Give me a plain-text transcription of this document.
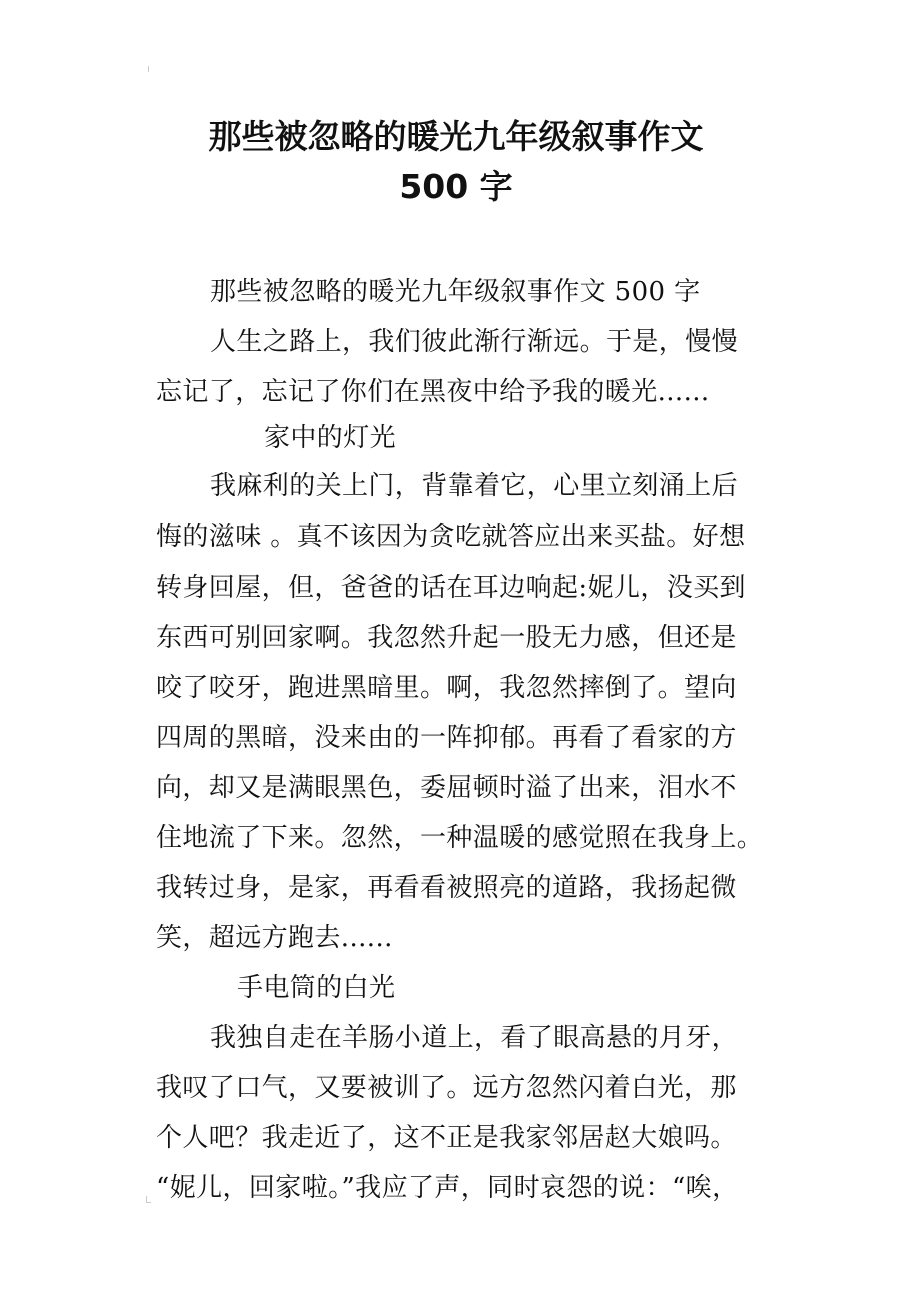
那些被忽略的暖光九年级叙事作文
500 字

那些被忽略的暖光九年级叙事作文 500 字

人生之路上，我们彼此渐行渐远。于是，慢慢

忘记了，忘记了你们在黑夜中给予我的暖光......

家中的灯光

我麻利的关上门，背靠着它，心里立刻涌上后

悔的滋味 。真不该因为贪吃就答应出来买盐。好想

转身回屋，但，爸爸的话在耳边响起:妮儿，没买到

东西可别回家啊。我忽然升起一股无力感，但还是

咬了咬牙，跑进黑暗里。啊，我忽然摔倒了。望向

四周的黑暗，没来由的一阵抑郁。再看了看家的方

向，却又是满眼黑色，委屈顿时溢了出来，泪水不

住地流了下来。忽然，一种温暖的感觉照在我身上。

我转过身，是家，再看看被照亮的道路，我扬起微

笑，超远方跑去......

手电筒的白光

我独自走在羊肠小道上，看了眼高悬的月牙，

我叹了口气，又要被训了。远方忽然闪着白光，那

个人吧？我走近了，这不正是我家邻居赵大娘吗。

“妮儿，回家啦。”我应了声，同时哀怨的说：“唉，
